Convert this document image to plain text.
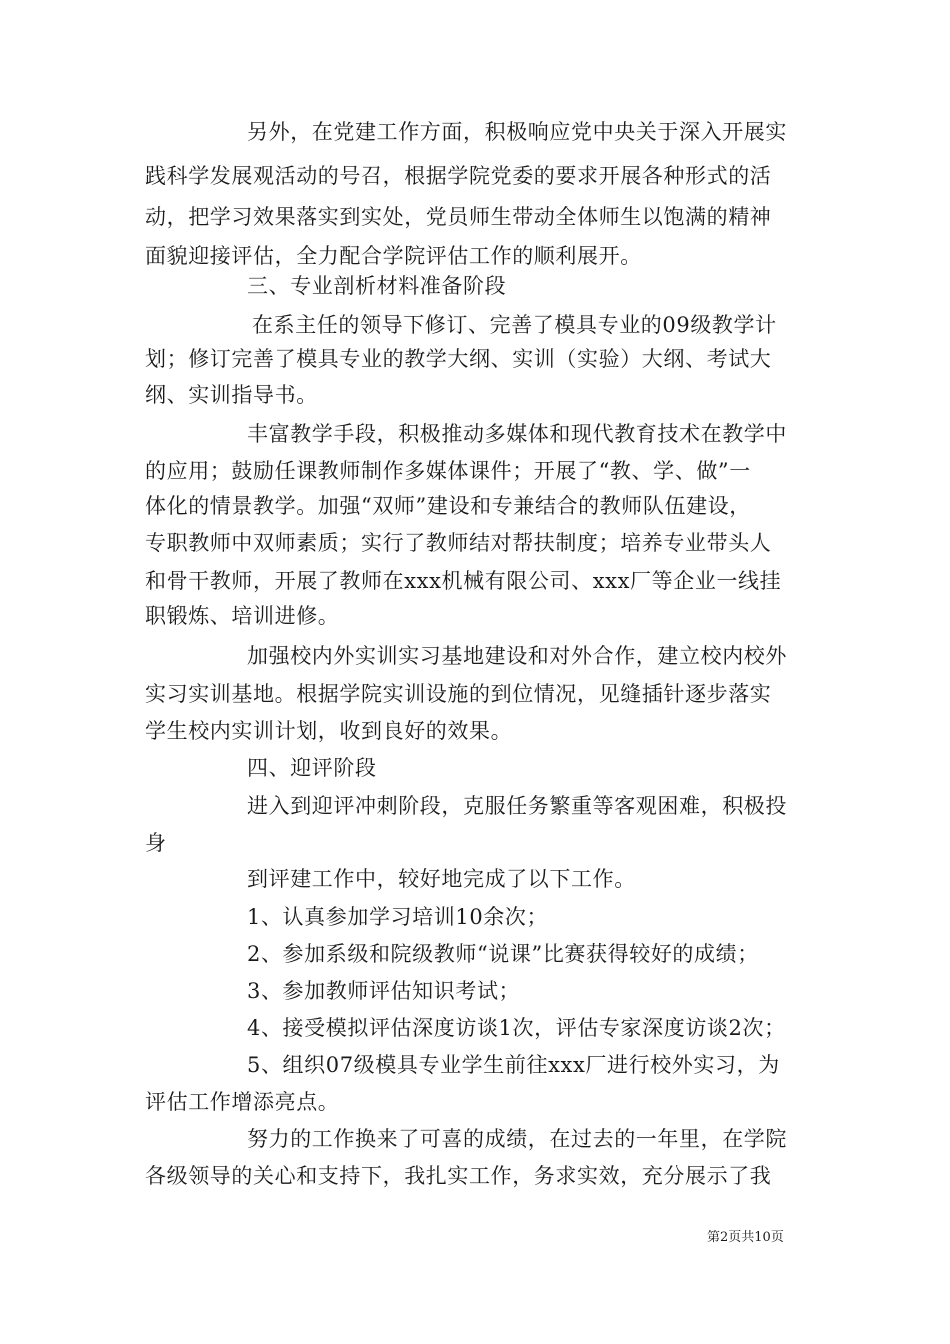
另外，在党建工作方面，积极响应党中央关于深入开展实
践科学发展观活动的号召，根据学院党委的要求开展各种形式的活
动，把学习效果落实到实处，党员师生带动全体师生以饱满的精神
面貌迎接评估，全力配合学院评估工作的顺利展开。
三、专业剖析材料准备阶段
在系主任的领导下修订、完善了模具专业的09级教学计
划；修订完善了模具专业的教学大纲、实训（实验）大纲、考试大
纲、实训指导书。
丰富教学手段，积极推动多媒体和现代教育技术在教学中
的应用；鼓励任课教师制作多媒体课件；开展了“教、学、做”一
体化的情景教学。加强“双师”建设和专兼结合的教师队伍建设，
专职教师中双师素质；实行了教师结对帮扶制度；培养专业带头人
和骨干教师，开展了教师在xxx机械有限公司、xxx厂等企业一线挂
职锻炼、培训进修。
加强校内外实训实习基地建设和对外合作，建立校内校外
实习实训基地。根据学院实训设施的到位情况，见缝插针逐步落实
学生校内实训计划，收到良好的效果。
四、迎评阶段
进入到迎评冲刺阶段，克服任务繁重等客观困难，积极投
身
到评建工作中，较好地完成了以下工作。
1、认真参加学习培训10余次；
2、参加系级和院级教师“说课”比赛获得较好的成绩；
3、参加教师评估知识考试；
4、接受模拟评估深度访谈1次，评估专家深度访谈2次；
5、组织07级模具专业学生前往xxx厂进行校外实习，为
评估工作增添亮点。
努力的工作换来了可喜的成绩，在过去的一年里，在学院
各级领导的关心和支持下，我扎实工作，务求实效，充分展示了我
第2页共10页
